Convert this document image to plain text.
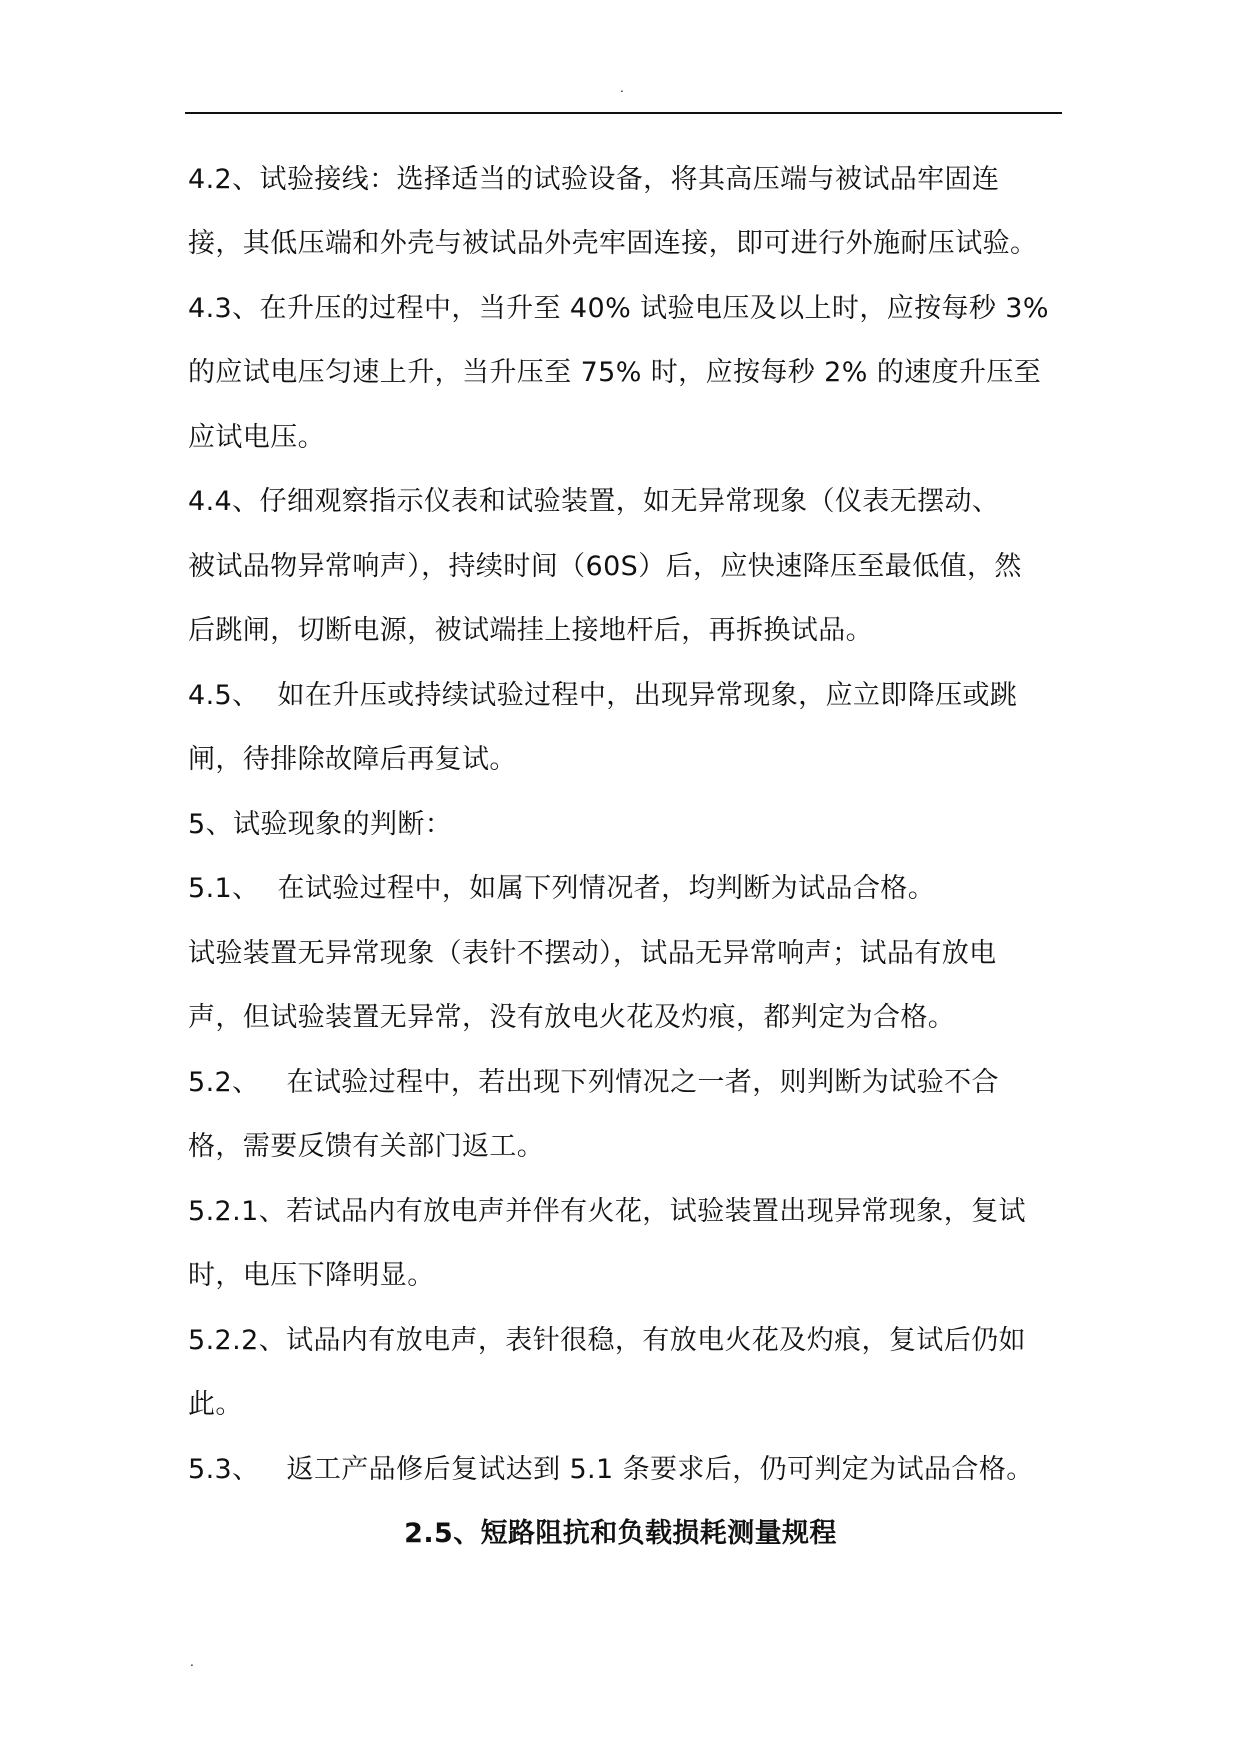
.
4.2、试验接线：选择适当的试验设备，将其高压端与被试品牢固连
接，其低压端和外壳与被试品外壳牢固连接，即可进行外施耐压试验。
4.3、在升压的过程中，当升至 40% 试验电压及以上时，应按每秒 3%
的应试电压匀速上升，当升压至 75% 时，应按每秒 2% 的速度升压至
应试电压。
4.4、仔细观察指示仪表和试验装置，如无异常现象（仪表无摆动、
被试品物异常响声），持续时间（60S）后，应快速降压至最低值，然
后跳闸，切断电源，被试端挂上接地杆后，再拆换试品。
4.5、  如在升压或持续试验过程中，出现异常现象，应立即降压或跳
闸，待排除故障后再复试。
5、试验现象的判断：
5.1、  在试验过程中，如属下列情况者，均判断为试品合格。
试验装置无异常现象（表针不摆动），试品无异常响声；试品有放电
声，但试验装置无异常，没有放电火花及灼痕，都判定为合格。
5.2、   在试验过程中，若出现下列情况之一者，则判断为试验不合
格，需要反馈有关部门返工。
5.2.1、若试品内有放电声并伴有火花，试验装置出现异常现象，复试
时，电压下降明显。
5.2.2、试品内有放电声，表针很稳，有放电火花及灼痕，复试后仍如
此。
5.3、   返工产品修后复试达到 5.1 条要求后，仍可判定为试品合格。
2.5、短路阻抗和负载损耗测量规程
.
